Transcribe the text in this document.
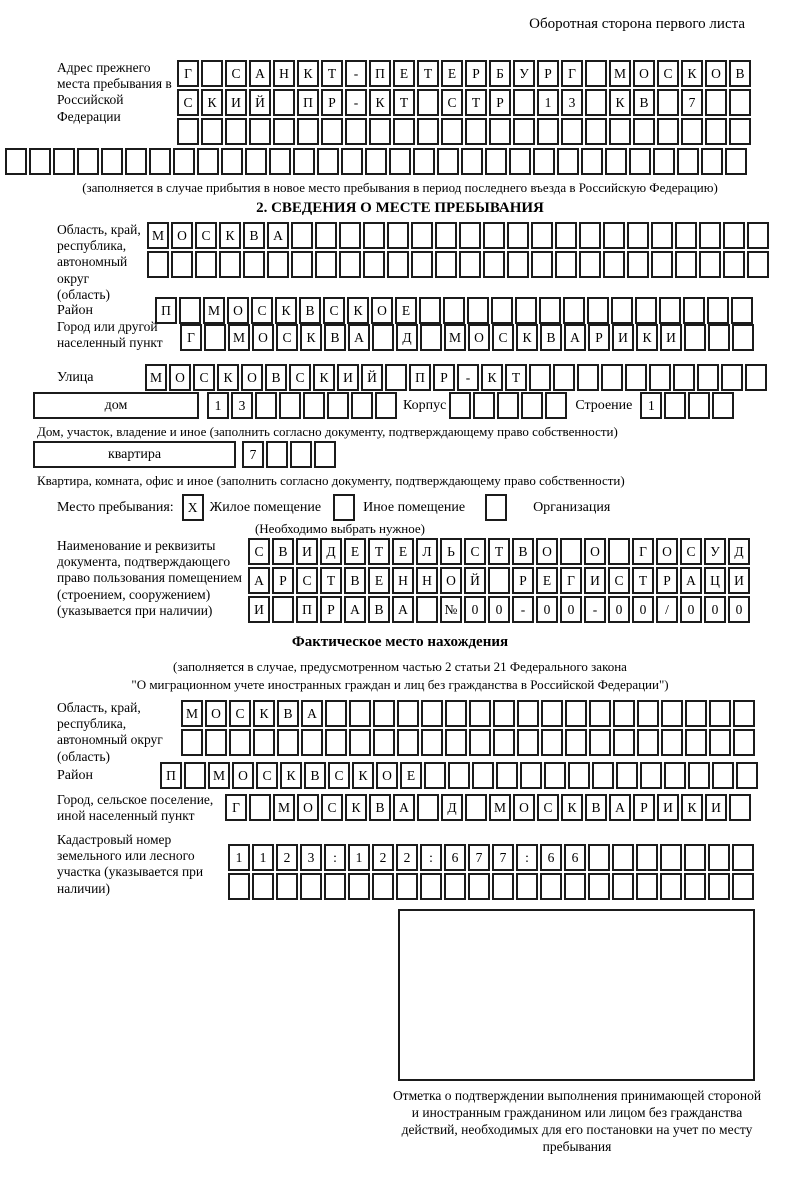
Оборотная сторона первого листа
Адрес прежнего места пребывания в Российской Федерации
Г	С	А	Н	К	Т	-	П	Е	Т	Е	Р	Б	У	Р	Г	М О	С	К	О	В
С	К	И	Й	П	Р	-	К	Т	С	Т	Р	1	3	К	В	7
(заполняется в случае прибытия в новое место пребывания в период последнего въезда в Российскую Федерацию)
2. СВЕДЕНИЯ О МЕСТЕ ПРЕБЫВАНИЯ
Область, край, республика, автономный округ (область)
М О	С	К	В	А
Район	П	М О	С	К	В	С	К	О	Е
Город или другой населенный пункт	Г	М О	С	К	В	А	Д	М О	С	К	В	А	Р	И	К	И
Улица	М О	С	К	О	В	С	К	И	Й	П	Р	-	К	Т
дом	1	3	Корпус	Строение	1
Дом, участок, владение и иное (заполнить согласно документу, подтверждающему право собственности)
квартира	7
Квартира, комната, офис и иное (заполнить согласно документу, подтверждающему право собственности)
Место пребывания:	X Жилое помещение	Иное помещение	Организация
(Необходимо выбрать нужное)
Наименование и реквизиты документа, подтверждающего право пользования помещением (строением, сооружением) (указывается при наличии)
С	В	И	Д	Е	Т	Е	Л	Ь	С	Т	В	О	О	Г	О	С	У	Д
А	Р	С	Т	В	Е	Н	Н	О	Й	Р	Е	Г	И	С	Т	Р	А	Ц	И
И	П	Р	А	В	А	№	0	0	-	0	0	-	0	0	/	0	0	0
Фактическое место нахождения
(заполняется в случае, предусмотренном частью 2 статьи 21 Федерального закона
"О миграционном учете иностранных граждан и лиц без гражданства в Российской Федерации")
Область, край, республика, автономный округ (область)
М О	С	К	В	А
Район	П	М О	С	К	В	С	К	О	Е
Город, сельское поселение, иной населенный пункт
Г	М О	С	К	В	А	Д	М О	С	К	В	А	Р	И	К	И
Кадастровый номер земельного или лесного участка (указывается при наличии)
1	1	2	3	:	1	2	2	:	6	7	7	:	6	6
Отметка о подтверждении выполнения принимающей стороной и иностранным гражданином или лицом без гражданства действий, необходимых для его постановки на учет по месту пребывания
